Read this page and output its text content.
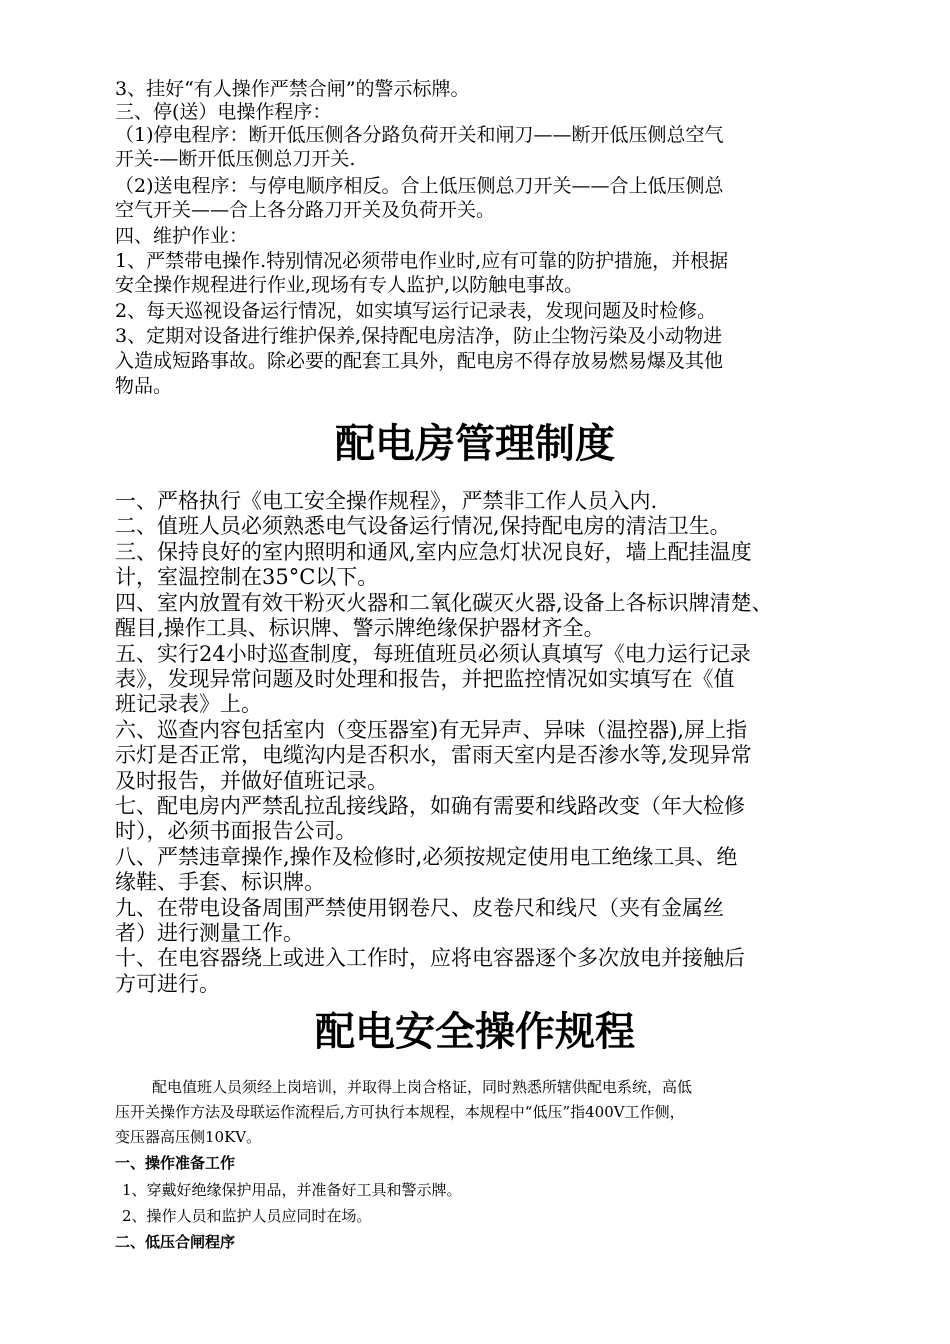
3、挂好“有人操作严禁合闸”的警示标牌。
三、停(送）电操作程序：
（1)停电程序：断开低压侧各分路负荷开关和闸刀——断开低压侧总空气
开关-—断开低压侧总刀开关.
（2)送电程序：与停电顺序相反。合上低压侧总刀开关——合上低压侧总
空气开关——合上各分路刀开关及负荷开关。
四、维护作业：
1、严禁带电操作.特别情况必须带电作业时,应有可靠的防护措施，并根据
安全操作规程进行作业,现场有专人监护,以防触电事故。
2、每天巡视设备运行情况，如实填写运行记录表，发现问题及时检修。
3、定期对设备进行维护保养,保持配电房洁净，防止尘物污染及小动物进
入造成短路事故。除必要的配套工具外，配电房不得存放易燃易爆及其他
物品。
配电房管理制度
一、严格执行《电工安全操作规程》，严禁非工作人员入内.
二、值班人员必须熟悉电气设备运行情况,保持配电房的清洁卫生。
三、保持良好的室内照明和通风,室内应急灯状况良好，墙上配挂温度
计，室温控制在35°C以下。
四、室内放置有效干粉灭火器和二氧化碳灭火器,设备上各标识牌清楚、
醒目,操作工具、标识牌、警示牌绝缘保护器材齐全。
五、实行24小时巡查制度，每班值班员必须认真填写《电力运行记录
表》，发现异常问题及时处理和报告，并把监控情况如实填写在《值
班记录表》上。
六、巡查内容包括室内（变压器室)有无异声、异味（温控器),屏上指
示灯是否正常，电缆沟内是否积水，雷雨天室内是否渗水等,发现异常
及时报告，并做好值班记录。
七、配电房内严禁乱拉乱接线路，如确有需要和线路改变（年大检修
时），必须书面报告公司。
八、严禁违章操作,操作及检修时,必须按规定使用电工绝缘工具、绝
缘鞋、手套、标识牌。
九、在带电设备周围严禁使用钢卷尺、皮卷尺和线尺（夹有金属丝
者）进行测量工作。
十、在电容器绕上或进入工作时，应将电容器逐个多次放电并接触后
方可进行。
配电安全操作规程
配电值班人员须经上岗培训，并取得上岗合格证，同时熟悉所辖供配电系统，高低
压开关操作方法及母联运作流程后,方可执行本规程，本规程中“低压”指400V工作侧，
变压器高压侧10KV。
一、操作准备工作
1、穿戴好绝缘保护用品，并准备好工具和警示牌。
2、操作人员和监护人员应同时在场。
二、低压合闸程序
